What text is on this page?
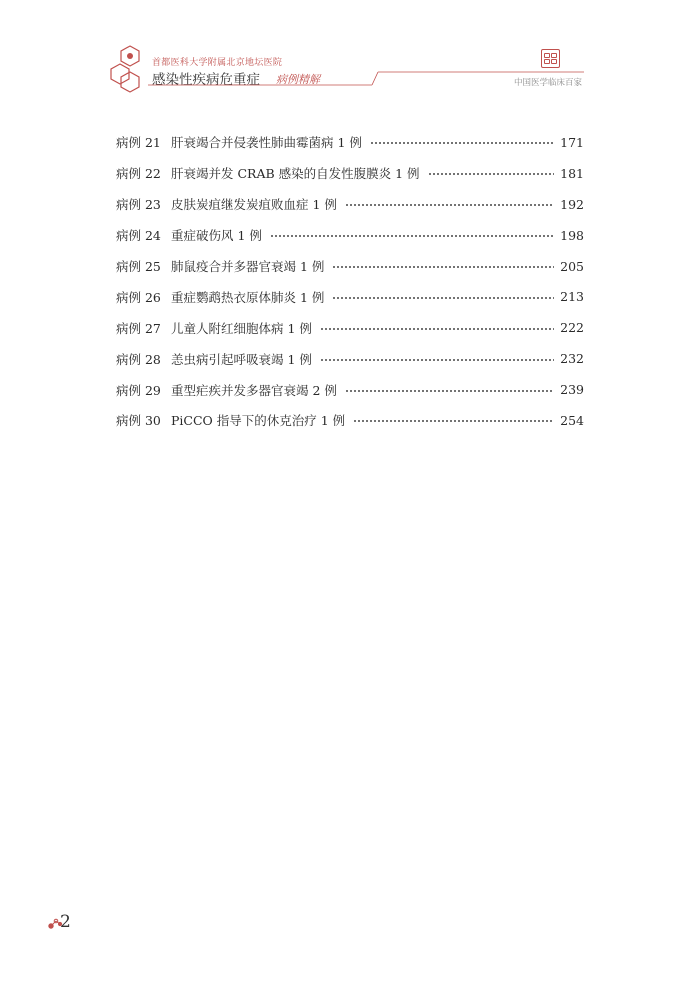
首都医科大学附属北京地坛医院
感染性疾病危重症 病例精解	中国医学临床百家
病例 21 肝衰竭合并侵袭性肺曲霉菌病 1 例	171
病例 22 肝衰竭并发 CRAB 感染的自发性腹膜炎 1 例	181
病例 23 皮肤炭疽继发炭疽败血症 1 例	192
病例 24 重症破伤风 1 例	198
病例 25 肺鼠疫合并多器官衰竭 1 例	205
病例 26 重症鹦鹉热衣原体肺炎 1 例	213
病例 27 儿童人附红细胞体病 1 例	222
病例 28 恙虫病引起呼吸衰竭 1 例	232
病例 29 重型疟疾并发多器官衰竭 2 例	239
病例 30 PiCCO 指导下的休克治疗 1 例	254
2
